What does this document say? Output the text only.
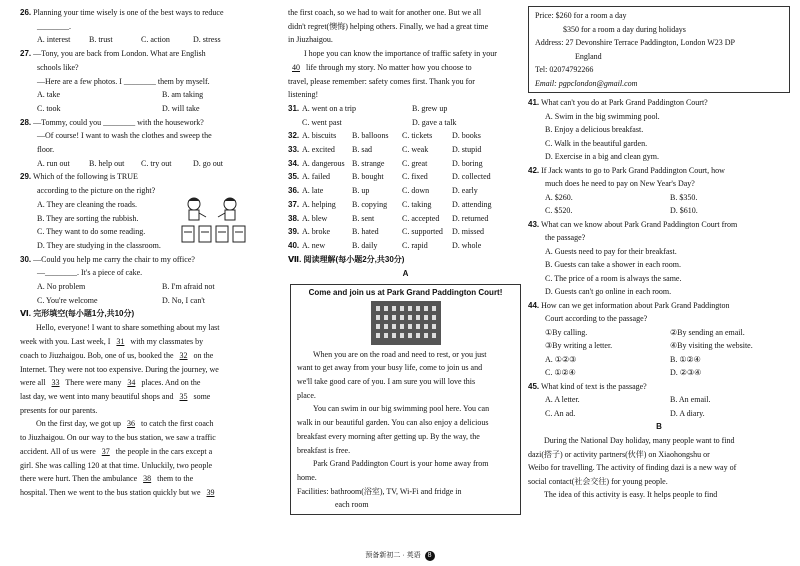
26. Planning your time wisely is one of the best ways to reduce
________.
A. interest	B. trust	C. action	D. stress
27. —Tony, you are back from London. What are English
schools like?
—Here are a few photos. I ________ them by myself.
A. take	B. am taking
C. took	D. will take
28. —Tommy, could you ________ with the housework?
—Of course! I want to wash the clothes and sweep the
floor.
A. run out	B. help out	C. try out	D. go out
29. Which of the following is TRUE
according to the picture on the right?
A. They are cleaning the roads.
B. They are sorting the rubbish.
C. They want to do some reading.
D. They are studying in the classroom.
30. —Could you help me carry the chair to my office?
—________. It's a piece of cake.
A. No problem	B. I'm afraid not
C. You're welcome	D. No, I can't
Ⅵ. 完形填空(每小题1分,共10分)
Hello, everyone! I want to share something about my last
week with you. Last week, I 31 with my classmates by
coach to Jiuzhaigou. Bob, one of us, booked the 32 on the
Internet. They were not too expensive. During the journey, we
were all 33 There were many 34 places. And on the
last day, we went into many beautiful shops and 35 some
presents for our parents.
On the first day, we got up 36 to catch the first coach
to Jiuzhaigou. On our way to the bus station, we saw a traffic
accident. All of us were 37 the people in the cars except a
girl. She was calling 120 at that time. Unluckily, two people
there were hurt. Then the ambulance 38 them to the
hospital. Then we went to the bus station quickly but we 39
the first coach, so we had to wait for another one. But we all
didn't regret(懊悔) helping others. Finally, we had a great time
in Jiuzhaigou.
I hope you can know the importance of traffic safety in your
40 life through my story. No matter how you choose to
travel, please remember: safety comes first. Thank you for
listening!
31. A. went on a trip	B. grew up
C. went past	D. gave a talk
32. A. biscuits	B. balloons	C. tickets	D. books
33. A. excited	B. sad	C. weak	D. stupid
34. A. dangerous B. strange	C. great	D. boring
35. A. failed	B. bought	C. fixed	D. collected
36. A. late	B. up	C. down	D. early
37. A. helping	B. copying	C. taking	D. attending
38. A. blew	B. sent	C. accepted	D. returned
39. A. broke	B. hated	C. supported	D. missed
40. A. new	B. daily	C. rapid	D. whole
Ⅶ. 阅读理解(每小题2分,共30分)
A
Come and join us at Park Grand Paddington Court!
When you are on the road and need to rest, or you just
want to get away from your busy life, come to join us and
we'll take good care of you. I am sure you will love this
place.
You can swim in our big swimming pool here. You can
walk in our beautiful garden. You can also enjoy a delicious
breakfast every morning after getting up. By the way, the
breakfast is free.
Park Grand Paddington Court is your home away from
home.
Facilities: bathroom(浴室), TV, Wi-Fi and fridge in
each room
Price: $260 for a room a day
$350 for a room a day during holidays
Address: 27 Devonshire Terrace Paddington, London W23 DP
England
Tel: 02074792266
Email: pgpclondon@gmail.com
41. What can't you do at Park Grand Paddington Court?
A. Swim in the big swimming pool.
B. Enjoy a delicious breakfast.
C. Walk in the beautiful garden.
D. Exercise in a big and clean gym.
42. If Jack wants to go to Park Grand Paddington Court, how
much does he need to pay on New Year's Day?
A. $260.	B. $350.
C. $520.	D. $610.
43. What can we know about Park Grand Paddington Court from
the passage?
A. Guests need to pay for their breakfast.
B. Guests can take a shower in each room.
C. The price of a room is always the same.
D. Guests can't go online in each room.
44. How can we get information about Park Grand Paddington
Court according to the passage?
①By calling.	②By sending an email.
③By writing a letter.	④By visiting the website.
A. ①②③	B. ①②④
C. ①②④	D. ②③④
45. What kind of text is the passage?
A. A letter.	B. An email.
C. An ad.	D. A diary.
B
During the National Day holiday, many people want to find
dazi(搭子) or activity partners(伙伴) on Xiaohongshu or
Weibo for travelling. The activity of finding dazi is a new way of
social contact(社会交往) for young people.
The idea of this activity is easy. It helps people to find
预备新初二 · 英语 8
